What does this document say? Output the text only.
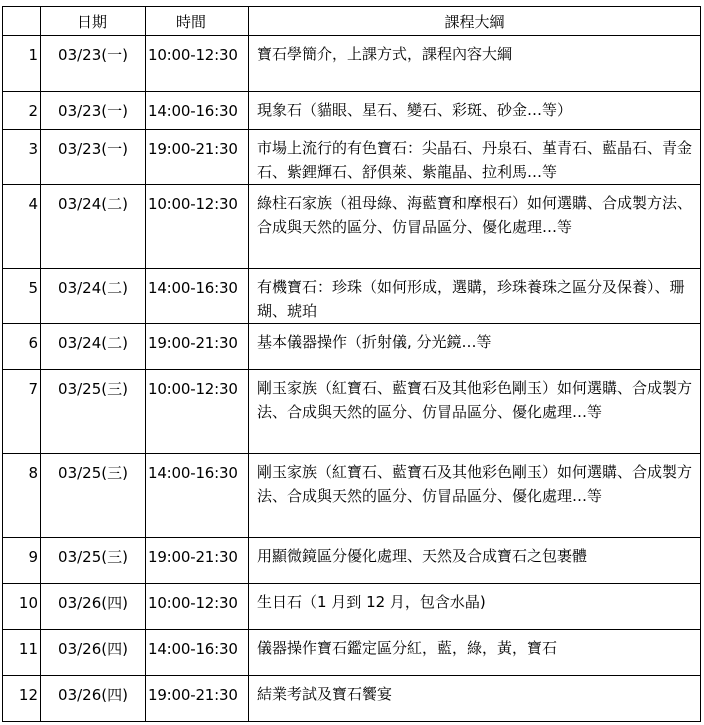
	日期	時間	課程大綱
1	03/23(一)	10:00-12:30	寶石學簡介，上課方式，課程內容大綱
2	03/23(一)	14:00-16:30	現象石（貓眼、星石、變石、彩斑、砂金…等）
3	03/23(一)	19:00-21:30	市場上流行的有色寶石：尖晶石、丹泉石、堇青石、藍晶石、青金石、紫鋰輝石、舒俱萊、紫龍晶、拉利馬…等
4	03/24(二)	10:00-12:30	綠柱石家族（祖母綠、海藍寶和摩根石）如何選購、合成製方法、合成與天然的區分、仿冒品區分、優化處理…等
5	03/24(二)	14:00-16:30	有機寶石：珍珠（如何形成，選購，珍珠養珠之區分及保養）、珊瑚、琥珀
6	03/24(二)	19:00-21:30	基本儀器操作（折射儀, 分光鏡…等
7	03/25(三)	10:00-12:30	剛玉家族（紅寶石、藍寶石及其他彩色剛玉）如何選購、合成製方法、合成與天然的區分、仿冒品區分、優化處理…等
8	03/25(三)	14:00-16:30	剛玉家族（紅寶石、藍寶石及其他彩色剛玉）如何選購、合成製方法、合成與天然的區分、仿冒品區分、優化處理…等
9	03/25(三)	19:00-21:30	用顯微鏡區分優化處理、天然及合成寶石之包裹體
10	03/26(四)	10:00-12:30	生日石（1 月到 12 月，包含水晶)
11	03/26(四)	14:00-16:30	儀器操作寶石鑑定區分紅，藍，綠，黃，寶石
12	03/26(四)	19:00-21:30	結業考試及寶石饗宴
